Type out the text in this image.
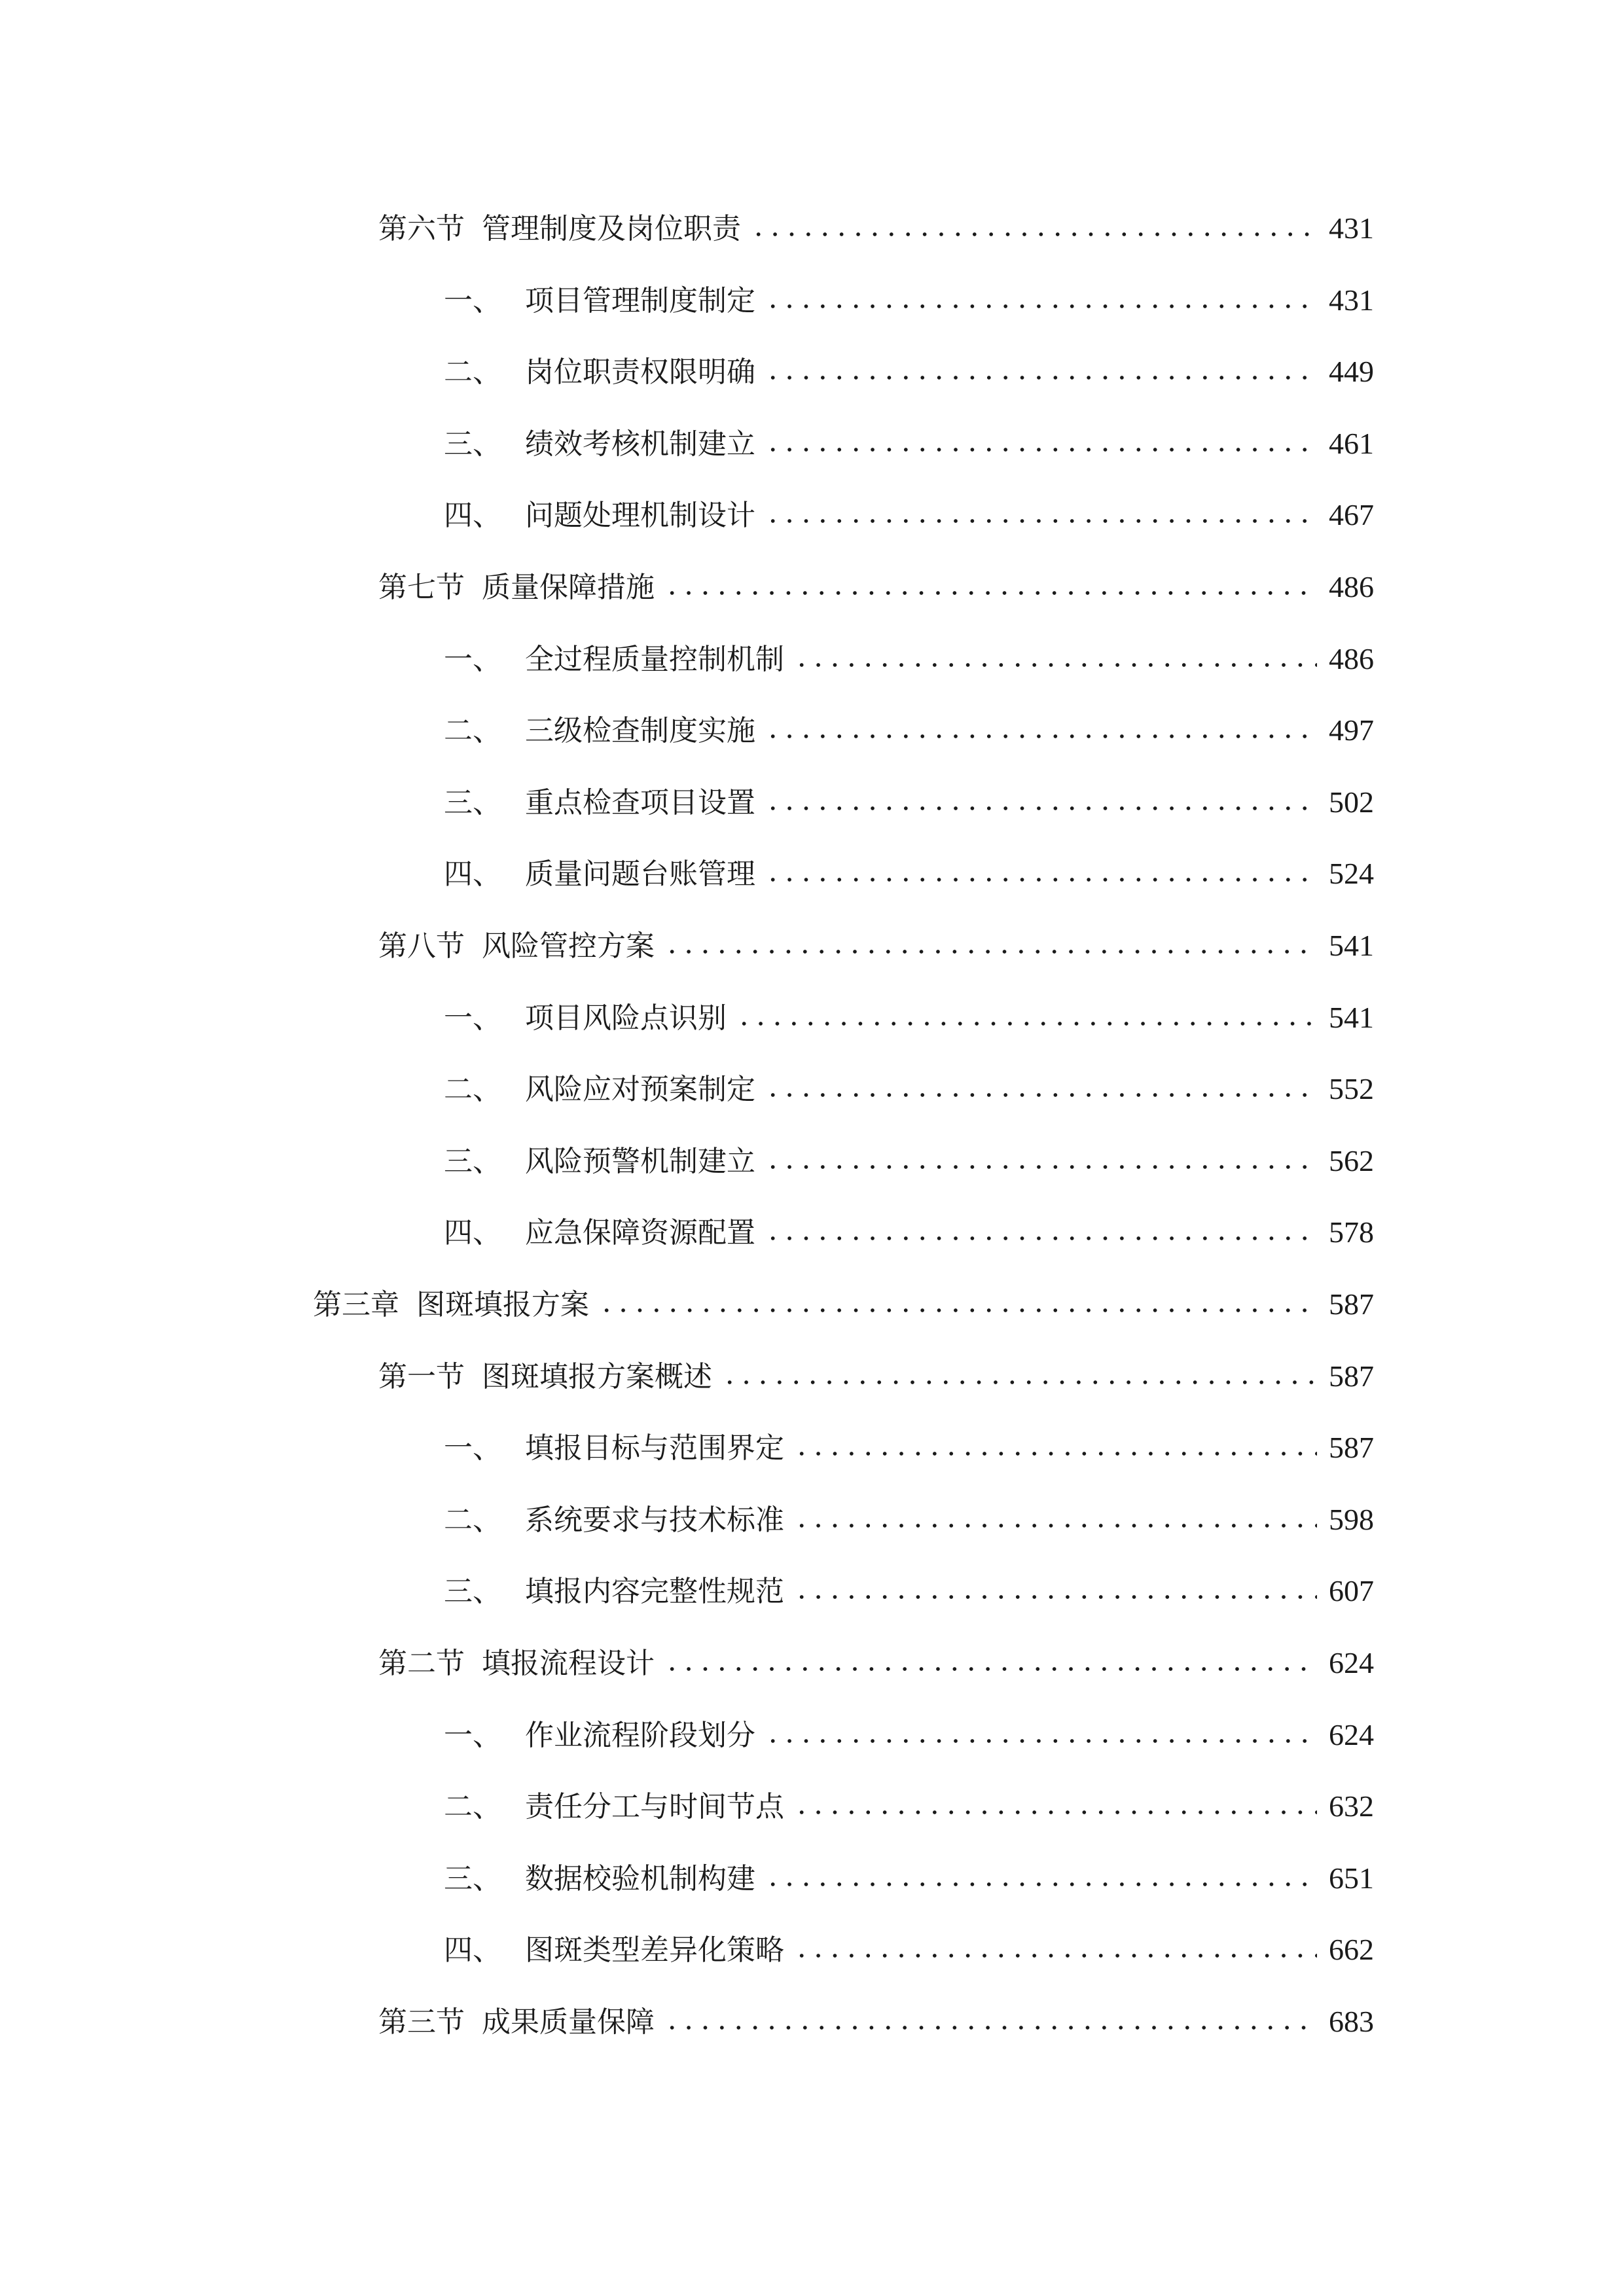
第六节 管理制度及岗位职责	431
一、 项目管理制度制定	431
二、 岗位职责权限明确	449
三、 绩效考核机制建立	461
四、 问题处理机制设计	467
第七节 质量保障措施	486
一、 全过程质量控制机制	486
二、 三级检查制度实施	497
三、 重点检查项目设置	502
四、 质量问题台账管理	524
第八节 风险管控方案	541
一、 项目风险点识别	541
二、 风险应对预案制定	552
三、 风险预警机制建立	562
四、 应急保障资源配置	578
第三章 图斑填报方案	587
第一节 图斑填报方案概述	587
一、 填报目标与范围界定	587
二、 系统要求与技术标准	598
三、 填报内容完整性规范	607
第二节 填报流程设计	624
一、 作业流程阶段划分	624
二、 责任分工与时间节点	632
三、 数据校验机制构建	651
四、 图斑类型差异化策略	662
第三节 成果质量保障	683
